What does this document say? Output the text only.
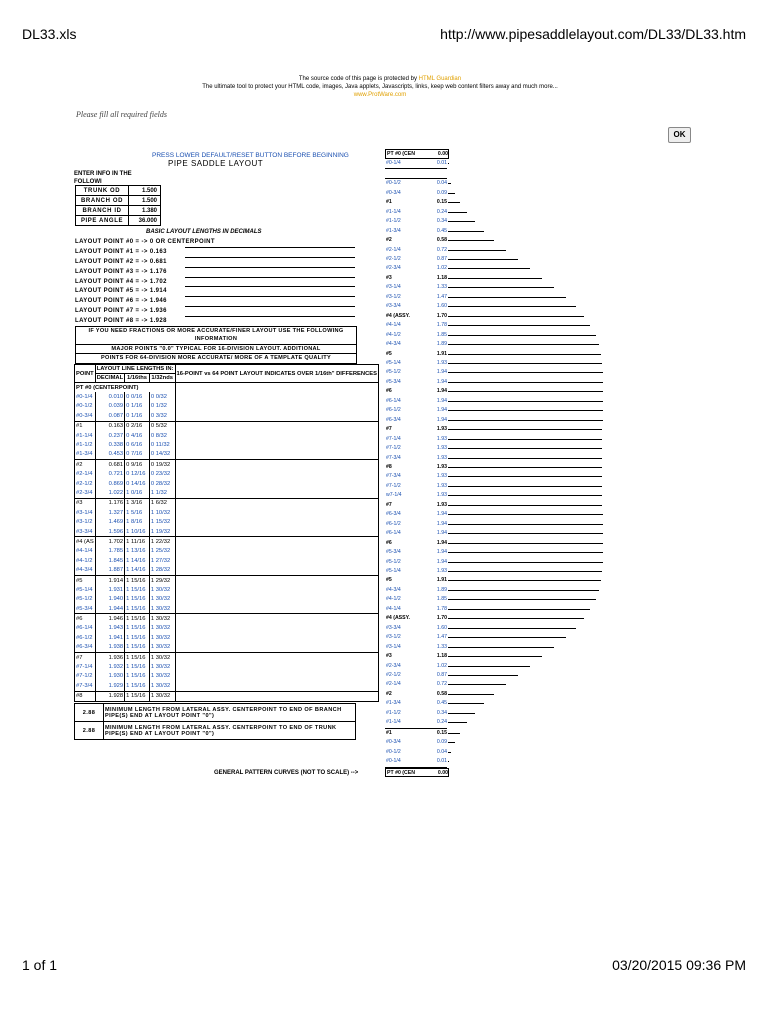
DL33.xls	http://www.pipesaddlelayout.com/DL33/DL33.htm
The source code of this page is protected by HTML Guardian
The ultimate tool to protect your HTML code, images, Java applets, Javascripts, links, keep web content filters away and much more...
www.ProtWare.com
Please fill all required fields
OK
PRESS LOWER DEFAULT/RESET BUTTON BEFORE BEGINNING
PIPE SADDLE LAYOUT
ENTER INFO IN THE FOLLOWI
TRUNK OD	1.500
BRANCH OD	1.500
BRANCH ID	1.380
PIPE ANGLE	36.000
BASIC LAYOUT LENGTHS IN DECIMALS
LAYOUT POINT #0 = -> 0 OR CENTERPOINT
LAYOUT POINT #1 = -> 0.163
LAYOUT POINT #2 = -> 0.681
LAYOUT POINT #3 = -> 1.176
LAYOUT POINT #4 = -> 1.702
LAYOUT POINT #5 = -> 1.914
LAYOUT POINT #6 = -> 1.946
LAYOUT POINT #7 = -> 1.936
LAYOUT POINT #8 = -> 1.928
IF YOU NEED FRACTIONS OR MORE ACCURATE/FINER LAYOUT USE THE FOLLOWING INFORMATION
MAJOR POINTS "0.0" TYPICAL FOR 16-DIVISION LAYOUT. ADDITIONAL
POINTS FOR 64-DIVISION MORE ACCURATE/ MORE OF A TEMPLATE QUALITY
POINT	LAYOUT LINE LENGTHS IN:			16-POINT vs 64 POINT LAYOUT INDICATES OVER 1/16th" DIFFERENCES
	DECIMAL	1/16ths	1/32nds	
PT #0 (CENTERPOINT)				
#0-1/4	0.010	0 0/16	0 0/32	
#0-1/2	0.039	0 1/16	0 1/32	
#0-3/4	0.087	0 1/16	0 3/32	
#1	0.163	0 2/16	0 5/32	
#1-1/4	0.237	0 4/16	0 8/32	
#1-1/2	0.338	0 6/16	0 11/32	
#1-3/4	0.453	0 7/16	0 14/32	
#2	0.681	0 9/16	0 19/32	
#2-1/4	0.721	0 12/16	0 23/32	
#2-1/2	0.869	0 14/16	0 28/32	
#2-3/4	1.022	1 0/16	1 1/32	
#3	1.176	1 3/16	1 6/32	
#3-1/4	1.327	1 5/16	1 10/32	
#3-1/2	1.469	1 8/16	1 15/32	
#3-3/4	1.596	1 10/16	1 19/32	
#4 (AS	1.702	1 11/16	1 22/32	
#4-1/4	1.785	1 13/16	1 25/32	
#4-1/2	1.845	1 14/16	1 27/32	
#4-3/4	1.887	1 14/16	1 28/32	
#5	1.914	1 15/16	1 29/32	
#5-1/4	1.931	1 15/16	1 30/32	
#5-1/2	1.940	1 15/16	1 30/32	
#5-3/4	1.944	1 15/16	1 30/32	
#6	1.946	1 15/16	1 30/32	
#6-1/4	1.943	1 15/16	1 30/32	
#6-1/2	1.941	1 15/16	1 30/32	
#6-3/4	1.938	1 15/16	1 30/32	
#7	1.936	1 15/16	1 30/32	
#7-1/4	1.932	1 15/16	1 30/32	
#7-1/2	1.930	1 15/16	1 30/32	
#7-3/4	1.929	1 15/16	1 30/32	
#8	1.928	1 15/16	1 30/32	
2.88	MINIMUM LENGTH FROM LATERAL ASSY. CENTERPOINT TO END OF BRANCH PIPE(S) END AT LAYOUT POINT "0")
2.88	MINIMUM LENGTH FROM LATERAL ASSY. CENTERPOINT TO END OF TRUNK PIPE(S) END AT LAYOUT POINT "0")
GENERAL PATTERN CURVES (NOT TO SCALE) -->
PT #0 (CEN	0.00
#0-1/4	0.01
#0-1/2	0.04
#0-3/4	0.09
#1	0.15
#1-1/4	0.24
#1-1/2	0.34
#1-3/4	0.45
#2	0.58
#2-1/4	0.72
#2-1/2	0.87
#2-3/4	1.02
#3	1.18
#3-1/4	1.33
#3-1/2	1.47
#3-3/4	1.60
#4 (ASSY.	1.70
#4-1/4	1.78
#4-1/2	1.85
#4-3/4	1.89
#5	1.91
#5-1/4	1.93
#5-1/2	1.94
#5-3/4	1.94
#6	1.94
#6-1/4	1.94
#6-1/2	1.94
#6-3/4	1.94
#7	1.93
#7-1/4	1.93
#7-1/2	1.93
#7-3/4	1.93
#8	1.93
#7-3/4	1.93
#7-1/2	1.93
w7-1/4	1.93
#7	1.93
#6-3/4	1.94
#6-1/2	1.94
#6-1/4	1.94
#6	1.94
#5-3/4	1.94
#5-1/2	1.94
#5-1/4	1.93
#5	1.91
#4-3/4	1.89
#4-1/2	1.85
#4-1/4	1.78
#4 (ASSY.	1.70
#3-3/4	1.60
#3-1/2	1.47
#3-1/4	1.33
#3	1.18
#2-3/4	1.02
#2-1/2	0.87
#2-1/4	0.72
#2	0.58
#1-3/4	0.45
#1-1/2	0.34
#1-1/4	0.24
#1	0.15
#0-3/4	0.09
#0-1/2	0.04
#0-1/4	0.01
PT #0 (CEN	0.00
1 of 1	03/20/2015 09:36 PM
